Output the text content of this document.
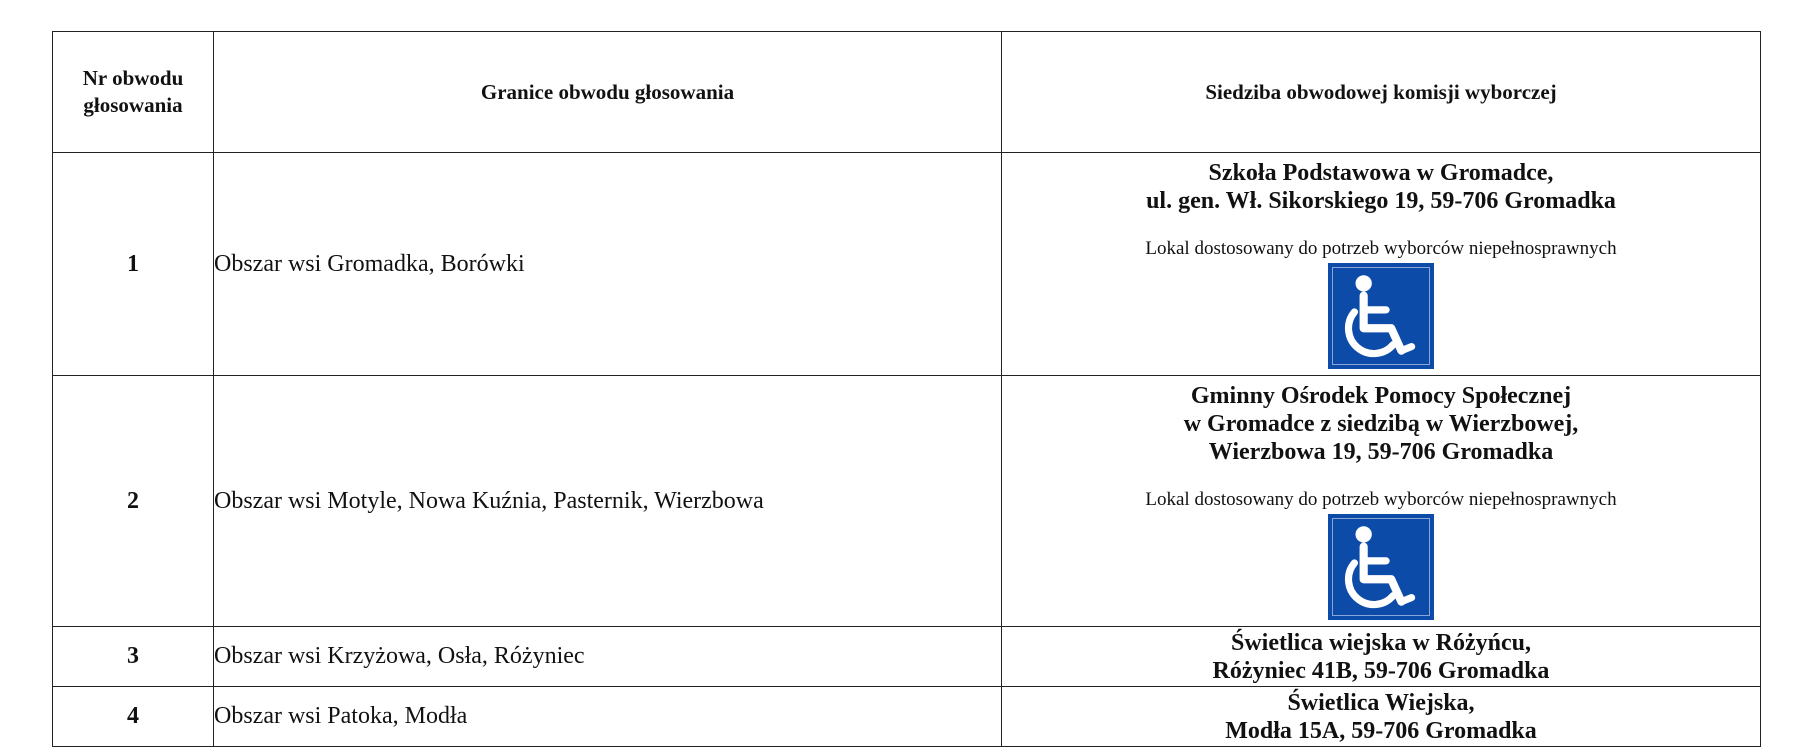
Nr obwodu
głosowania	Granice obwodu głosowania	Siedziba obwodowej komisji wyborczej
1	Obszar wsi Gromadka, Borówki	Szkoła Podstawowa w Gromadce,
ul. gen. Wł. Sikorskiego 19, 59-706 Gromadka
Lokal dostosowany do potrzeb wyborców niepełnosprawnych

2	Obszar wsi Motyle, Nowa Kuźnia, Pasternik, Wierzbowa	Gminny Ośrodek Pomocy Społecznej
w Gromadce z siedzibą w Wierzbowej,
Wierzbowa 19, 59-706 Gromadka
Lokal dostosowany do potrzeb wyborców niepełnosprawnych

3	Obszar wsi Krzyżowa, Osła, Różyniec	Świetlica wiejska w Różyńcu,
Różyniec 41B, 59-706 Gromadka

4	Obszar wsi Patoka, Modła	Świetlica Wiejska,
Modła 15A, 59-706 Gromadka
